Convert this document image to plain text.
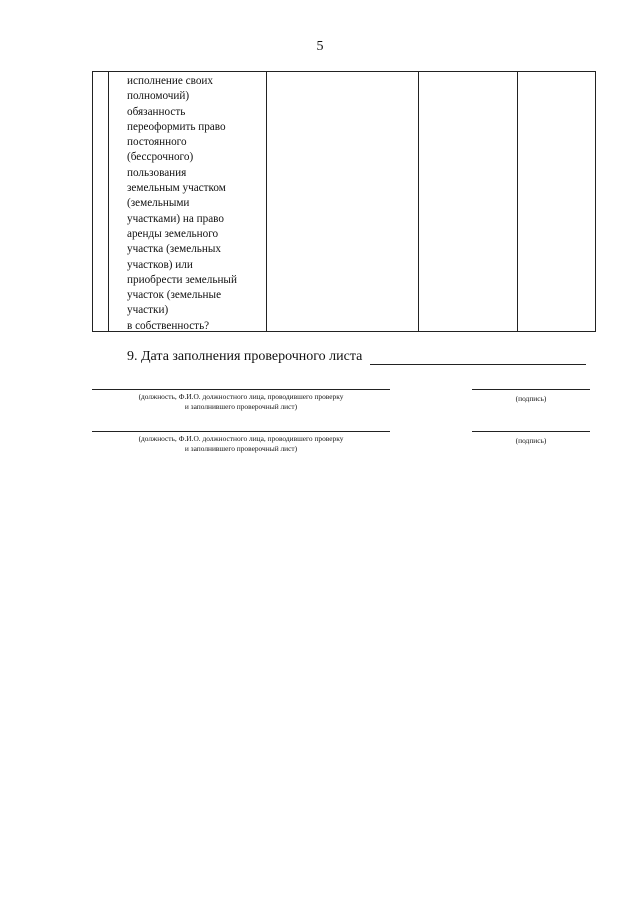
5
исполнение своих
полномочий)
обязанность
переоформить право
постоянного
(бессрочного)
пользования
земельным участком
(земельными
участками) на право
аренды земельного
участка (земельных
участков) или
приобрести земельный
участок (земельные
участки)
в собственность?
9. Дата заполнения проверочного листа
(должность, Ф.И.О. должностного лица, проводившего проверку
и заполнившего проверочный лист)
(подпись)
(должность, Ф.И.О. должностного лица, проводившего проверку
и заполнившего проверочный лист)
(подпись)
